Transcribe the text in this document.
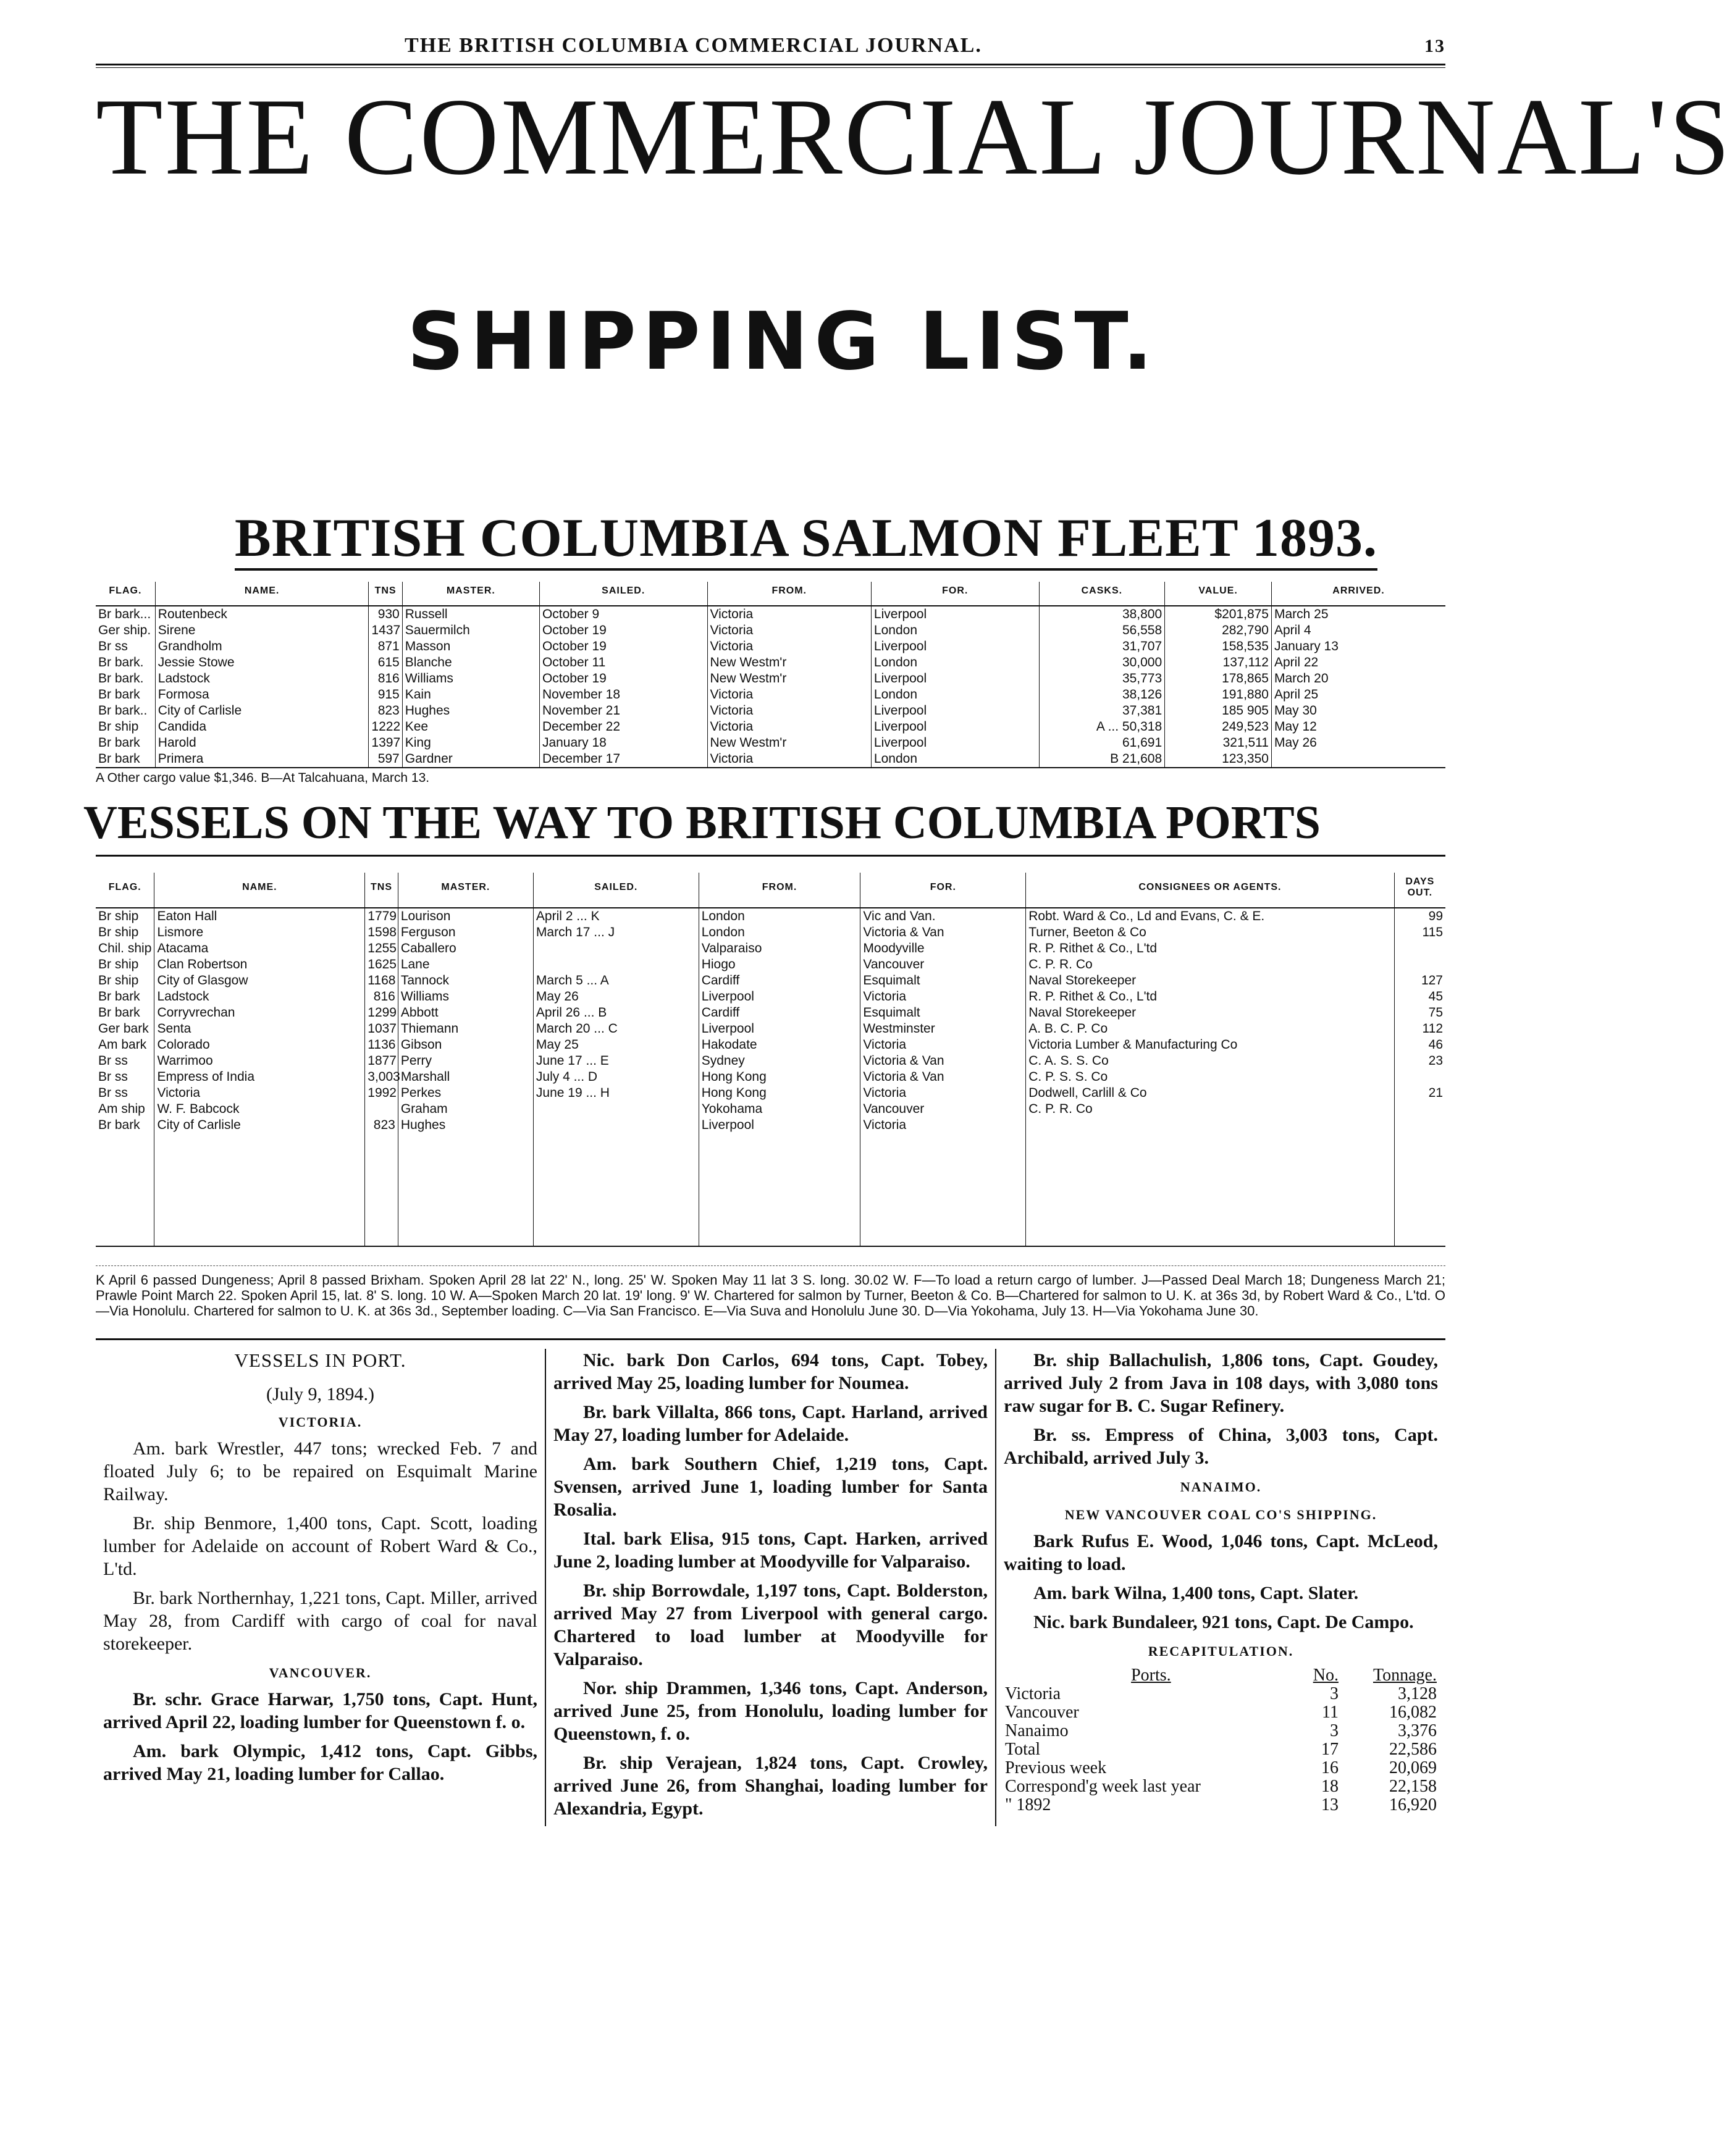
THE BRITISH COLUMBIA COMMERCIAL JOURNAL.	13
THE COMMERCIAL JOURNAL'S
SHIPPING LIST.
BRITISH COLUMBIA SALMON FLEET 1893.
FLAG.	NAME.	TNS	MASTER.	SAILED.	FROM.	FOR.	CASKS.	VALUE.	ARRIVED.
Br bark...	Routenbeck	930	Russell	October 9	Victoria	Liverpool	38,800	$201,875	March 25
Ger ship.	Sirene	1437	Sauermilch	October 19	Victoria	London	56,558	282,790	April 4
Br ss	Grandholm	871	Masson	October 19	Victoria	Liverpool	31,707	158,535	January 13
Br bark.	Jessie Stowe	615	Blanche	October 11	New Westm'r	London	30,000	137,112	April 22
Br bark.	Ladstock	816	Williams	October 19	New Westm'r	Liverpool	35,773	178,865	March 20
Br bark	Formosa	915	Kain	November 18	Victoria	London	38,126	191,880	April 25
Br bark..	City of Carlisle	823	Hughes	November 21	Victoria	Liverpool	37,381	185 905	May 30
Br ship	Candida	1222	Kee	December 22	Victoria	Liverpool	A ... 50,318	249,523	May 12
Br bark	Harold	1397	King	January 18	New Westm'r	Liverpool	61,691	321,511	May 26
Br bark	Primera	597	Gardner	December 17	Victoria	London	B 21,608	123,350	
A Other cargo value $1,346. B—At Talcahuana, March 13.
VESSELS ON THE WAY TO BRITISH COLUMBIA PORTS
FLAG.	NAME.	TNS	MASTER.	SAILED.	FROM.	FOR.	CONSIGNEES OR AGENTS.	DAYS OUT.
Br ship	Eaton Hall	1779	Lourison	April 2 ... K	London	Vic and Van.	Robt. Ward & Co., Ld and Evans, C. & E.	99
Br ship	Lismore	1598	Ferguson	March 17 ... J	London	Victoria & Van	Turner, Beeton & Co	115
Chil. ship	Atacama	1255	Caballero		Valparaiso	Moodyville	R. P. Rithet & Co., L'td	
Br ship	Clan Robertson	1625	Lane		Hiogo	Vancouver	C. P. R. Co	
Br ship	City of Glasgow	1168	Tannock	March 5 ... A	Cardiff	Esquimalt	Naval Storekeeper	127
Br bark	Ladstock	816	Williams	May 26	Liverpool	Victoria	R. P. Rithet & Co., L'td	45
Br bark	Corryvrechan	1299	Abbott	April 26 ... B	Cardiff	Esquimalt	Naval Storekeeper	75
Ger bark	Senta	1037	Thiemann	March 20 ... C	Liverpool	Westminster	A. B. C. P. Co	112
Am bark	Colorado	1136	Gibson	May 25	Hakodate	Victoria	Victoria Lumber & Manufacturing Co	46
Br ss	Warrimoo	1877	Perry	June 17 ... E	Sydney	Victoria & Van	C. A. S. S. Co	23
Br ss	Empress of India	3,003	Marshall	July 4 ... D	Hong Kong	Victoria & Van	C. P. S. S. Co	
Br ss	Victoria	1992	Perkes	June 19 ... H	Hong Kong	Victoria	Dodwell, Carlill & Co	21
Am ship	W. F. Babcock		Graham		Yokohama	Vancouver	C. P. R. Co	
Br bark	City of Carlisle	823	Hughes		Liverpool	Victoria		

K April 6 passed Dungeness; April 8 passed Brixham. Spoken April 28 lat 22' N., long. 25' W. Spoken May 11 lat 3 S. long. 30.02 W. F—To load a return cargo of lumber. J—Passed Deal March 18; Dungeness March 21; Prawle Point March 22. Spoken April 15, lat. 8' S. long. 10 W. A—Spoken March 20 lat. 19' long. 9' W. Chartered for salmon by Turner, Beeton & Co. B—Chartered for salmon to U. K. at 36s 3d, by Robert Ward & Co., L'td. O—Via Honolulu. Chartered for salmon to U. K. at 36s 3d., September loading. C—Via San Francisco. E—Via Suva and Honolulu June 30. D—Via Yokohama, July 13. H—Via Yokohama June 30.
VESSELS IN PORT.
(July 9, 1894.)
VICTORIA.

Am. bark Wrestler, 447 tons; wrecked Feb. 7 and floated July 6; to be repaired on Esquimalt Marine Railway.

Br. ship Benmore, 1,400 tons, Capt. Scott, loading lumber for Adelaide on account of Robert Ward & Co., L'td.

Br. bark Northernhay, 1,221 tons, Capt. Miller, arrived May 28, from Cardiff with cargo of coal for naval storekeeper.

VANCOUVER.

Br. schr. Grace Harwar, 1,750 tons, Capt. Hunt, arrived April 22, loading lumber for Queenstown f. o.

Am. bark Olympic, 1,412 tons, Capt. Gibbs, arrived May 21, loading lumber for Callao.

Nic. bark Don Carlos, 694 tons, Capt. Tobey, arrived May 25, loading lumber for Noumea.

Br. bark Villalta, 866 tons, Capt. Harland, arrived May 27, loading lumber for Adelaide.

Am. bark Southern Chief, 1,219 tons, Capt. Svensen, arrived June 1, loading lumber for Santa Rosalia.

Ital. bark Elisa, 915 tons, Capt. Harken, arrived June 2, loading lumber at Moodyville for Valparaiso.

Br. ship Borrowdale, 1,197 tons, Capt. Bolderston, arrived May 27 from Liverpool with general cargo. Chartered to load lumber at Moodyville for Valparaiso.

Nor. ship Drammen, 1,346 tons, Capt. Anderson, arrived June 25, from Honolulu, loading lumber for Queenstown, f. o.

Br. ship Verajean, 1,824 tons, Capt. Crowley, arrived June 26, from Shanghai, loading lumber for Alexandria, Egypt.

Br. ship Ballachulish, 1,806 tons, Capt. Goudey, arrived July 2 from Java in 108 days, with 3,080 tons raw sugar for B. C. Sugar Refinery.

Br. ss. Empress of China, 3,003 tons, Capt. Archibald, arrived July 3.

NANAIMO.
NEW VANCOUVER COAL CO'S SHIPPING.

Bark Rufus E. Wood, 1,046 tons, Capt. McLeod, waiting to load.

Am. bark Wilna, 1,400 tons, Capt. Slater.

Nic. bark Bundaleer, 921 tons, Capt. De Campo.

RECAPITULATION.
Ports.	No.	Tonnage.
Victoria	3	3,128
Vancouver	11	16,082
Nanaimo	3	3,376
Total	17	22,586
Previous week	16	20,069
Correspond'g week last year	18	22,158
" 1892	13	16,920
